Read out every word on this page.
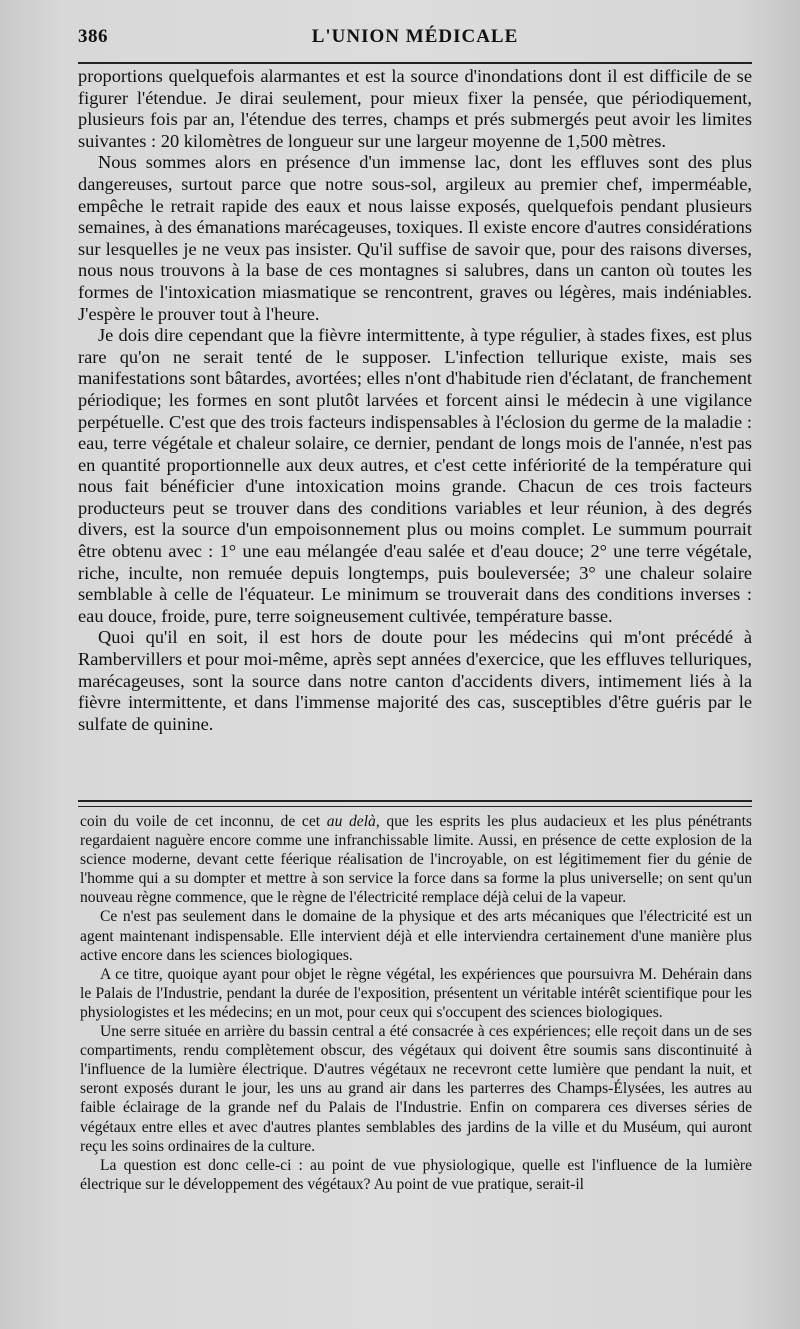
386	L'UNION MÉDICALE

proportions quelquefois alarmantes et est la source d'inondations dont il est difficile de se figurer l'étendue. Je dirai seulement, pour mieux fixer la pensée, que périodiquement, plusieurs fois par an, l'étendue des terres, champs et prés submergés peut avoir les limites suivantes : 20 kilomètres de longueur sur une largeur moyenne de 1,500 mètres.

Nous sommes alors en présence d'un immense lac, dont les effluves sont des plus dangereuses, surtout parce que notre sous-sol, argileux au premier chef, imperméable, empêche le retrait rapide des eaux et nous laisse exposés, quelquefois pendant plusieurs semaines, à des émanations marécageuses, toxiques. Il existe encore d'autres considérations sur lesquelles je ne veux pas insister. Qu'il suffise de savoir que, pour des raisons diverses, nous nous trouvons à la base de ces montagnes si salubres, dans un canton où toutes les formes de l'intoxication miasmatique se rencontrent, graves ou légères, mais indéniables. J'espère le prouver tout à l'heure.

Je dois dire cependant que la fièvre intermittente, à type régulier, à stades fixes, est plus rare qu'on ne serait tenté de le supposer. L'infection tellurique existe, mais ses manifestations sont bâtardes, avortées; elles n'ont d'habitude rien d'éclatant, de franchement périodique; les formes en sont plutôt larvées et forcent ainsi le médecin à une vigilance perpétuelle. C'est que des trois facteurs indispensables à l'éclosion du germe de la maladie : eau, terre végétale et chaleur solaire, ce dernier, pendant de longs mois de l'année, n'est pas en quantité proportionnelle aux deux autres, et c'est cette infériorité de la température qui nous fait bénéficier d'une intoxication moins grande. Chacun de ces trois facteurs producteurs peut se trouver dans des conditions variables et leur réunion, à des degrés divers, est la source d'un empoisonnement plus ou moins complet. Le summum pourrait être obtenu avec : 1° une eau mélangée d'eau salée et d'eau douce; 2° une terre végétale, riche, inculte, non remuée depuis longtemps, puis bouleversée; 3° une chaleur solaire semblable à celle de l'équateur. Le minimum se trouverait dans des conditions inverses : eau douce, froide, pure, terre soigneusement cultivée, température basse.

Quoi qu'il en soit, il est hors de doute pour les médecins qui m'ont précédé à Rambervillers et pour moi-même, après sept années d'exercice, que les effluves telluriques, marécageuses, sont la source dans notre canton d'accidents divers, intimement liés à la fièvre intermittente, et dans l'immense majorité des cas, susceptibles d'être guéris par le sulfate de quinine.

coin du voile de cet inconnu, de cet au delà, que les esprits les plus audacieux et les plus pénétrants regardaient naguère encore comme une infranchissable limite. Aussi, en présence de cette explosion de la science moderne, devant cette féerique réalisation de l'incroyable, on est légitimement fier du génie de l'homme qui a su dompter et mettre à son service la force dans sa forme la plus universelle; on sent qu'un nouveau règne commence, que le règne de l'électricité remplace déjà celui de la vapeur.

Ce n'est pas seulement dans le domaine de la physique et des arts mécaniques que l'électricité est un agent maintenant indispensable. Elle intervient déjà et elle interviendra certainement d'une manière plus active encore dans les sciences biologiques.

A ce titre, quoique ayant pour objet le règne végétal, les expériences que poursuivra M. Dehérain dans le Palais de l'Industrie, pendant la durée de l'exposition, présentent un véritable intérêt scientifique pour les physiologistes et les médecins; en un mot, pour ceux qui s'occupent des sciences biologiques.

Une serre située en arrière du bassin central a été consacrée à ces expériences; elle reçoit dans un de ses compartiments, rendu complètement obscur, des végétaux qui doivent être soumis sans discontinuité à l'influence de la lumière électrique. D'autres végétaux ne recevront cette lumière que pendant la nuit, et seront exposés durant le jour, les uns au grand air dans les parterres des Champs-Élysées, les autres au faible éclairage de la grande nef du Palais de l'Industrie. Enfin on comparera ces diverses séries de végétaux entre elles et avec d'autres plantes semblables des jardins de la ville et du Muséum, qui auront reçu les soins ordinaires de la culture.

La question est donc celle-ci : au point de vue physiologique, quelle est l'influence de la lumière électrique sur le développement des végétaux? Au point de vue pratique, serait-il
